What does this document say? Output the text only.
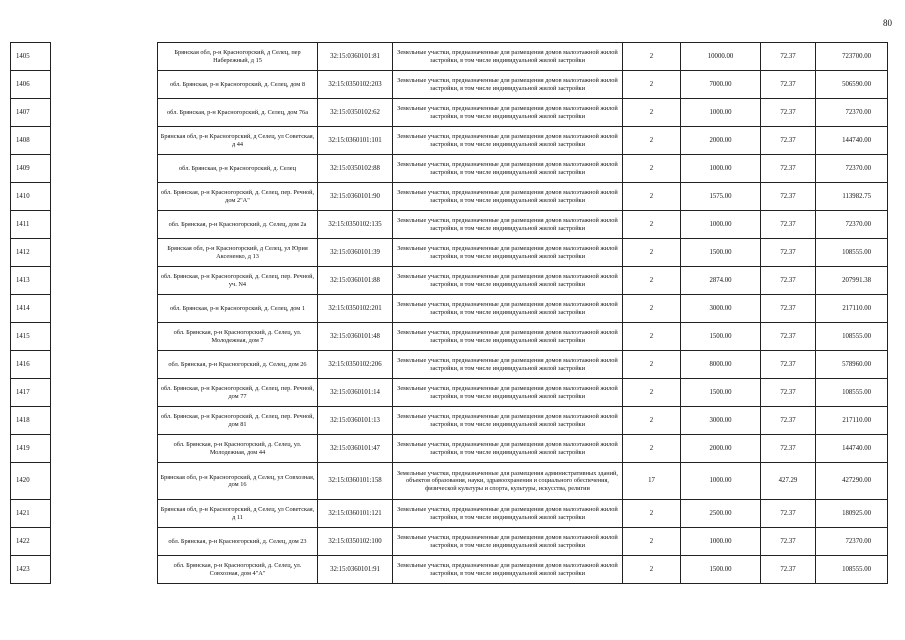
80
1405		Брянская обл, р-н Красногорский, д Селец, пер Набережный, д 15	32:15:0360101:81	Земельные участки, предназначенные для размещения домов малоэтажной жилой застройки, в том числе индивидуальной жилой застройки	2	10000.00	72.37	723700.00
1406		обл. Брянская, р-н Красногорский, д. Селец, дом 8	32:15:0350102:203	Земельные участки, предназначенные для размещения домов малоэтажной жилой застройки, в том числе индивидуальной жилой застройки	2	7000.00	72.37	506590.00
1407		обл. Брянская, р-н Красногорский, д. Селец, дом 76а	32:15:0350102:62	Земельные участки, предназначенные для размещения домов малоэтажной жилой застройки, в том числе индивидуальной жилой застройки	2	1000.00	72.37	72370.00
1408		Брянская обл, р-н Красногорский, д Селец, ул Советская, д 44	32:15:0360101:101	Земельные участки, предназначенные для размещения домов малоэтажной жилой застройки, в том числе индивидуальной жилой застройки	2	2000.00	72.37	144740.00
1409		обл. Брянская, р-н Красногорский, д. Селец	32:15:0350102:88	Земельные участки, предназначенные для размещения домов малоэтажной жилой застройки, в том числе индивидуальной жилой застройки	2	1000.00	72.37	72370.00
1410		обл. Брянская, р-н Красногорский, д. Селец, пер. Речной, дом 2"А"	32:15:0360101:90	Земельные участки, предназначенные для размещения домов малоэтажной жилой застройки, в том числе индивидуальной жилой застройки	2	1575.00	72.37	113982.75
1411		обл. Брянская, р-н Красногорский, д. Селец, дом 2а	32:15:0350102:135	Земельные участки, предназначенные для размещения домов малоэтажной жилой застройки, в том числе индивидуальной жилой застройки	2	1000.00	72.37	72370.00
1412		Брянская обл, р-н Красногорский, д Селец, ул Юрия Аксененко, д 13	32:15:0360101:39	Земельные участки, предназначенные для размещения домов малоэтажной жилой застройки, в том числе индивидуальной жилой застройки	2	1500.00	72.37	108555.00
1413		обл. Брянская, р-н Красногорский, д. Селец, пер. Речной, уч. N4	32:15:0360101:88	Земельные участки, предназначенные для размещения домов малоэтажной жилой застройки, в том числе индивидуальной жилой застройки	2	2874.00	72.37	207991.38
1414		обл. Брянская, р-н Красногорский, д. Селец, дом 1	32:15:0350102:201	Земельные участки, предназначенные для размещения домов малоэтажной жилой застройки, в том числе индивидуальной жилой застройки	2	3000.00	72.37	217110.00
1415		обл. Брянская, р-н Красногорский, д. Селец, ул. Молодежная, дом 7	32:15:0360101:48	Земельные участки, предназначенные для размещения домов малоэтажной жилой застройки, в том числе индивидуальной жилой застройки	2	1500.00	72.37	108555.00
1416		обл. Брянская, р-н Красногорский, д. Селец, дом 26	32:15:0350102:206	Земельные участки, предназначенные для размещения домов малоэтажной жилой застройки, в том числе индивидуальной жилой застройки	2	8000.00	72.37	578960.00
1417		обл. Брянская, р-н Красногорский, д. Селец, пер. Речной, дом 77	32:15:0360101:14	Земельные участки, предназначенные для размещения домов малоэтажной жилой застройки, в том числе индивидуальной жилой застройки	2	1500.00	72.37	108555.00
1418		обл. Брянская, р-н Красногорский, д. Селец, пер. Речной, дом 81	32:15:0360101:13	Земельные участки, предназначенные для размещения домов малоэтажной жилой застройки, в том числе индивидуальной жилой застройки	2	3000.00	72.37	217110.00
1419		обл. Брянская, р-н Красногорский, д. Селец, ул. Молодежная, дом 44	32:15:0360101:47	Земельные участки, предназначенные для размещения домов малоэтажной жилой застройки, в том числе индивидуальной жилой застройки	2	2000.00	72.37	144740.00
1420		Брянская обл, р-н Красногорский, д Селец, ул Совхозная, дом 16	32:15:0360101:158	Земельные участки, предназначенные для размещения административных зданий, объектов образования, науки, здравоохранения и социального обеспечения, физической культуры и спорта, культуры, искусства, религии	17	1000.00	427.29	427290.00
1421		Брянская обл, р-н Красногорский, д Селец, ул Советская, д 11	32:15:0360101:121	Земельные участки, предназначенные для размещения домов малоэтажной жилой застройки, в том числе индивидуальной жилой застройки	2	2500.00	72.37	180925.00
1422		обл. Брянская, р-н Красногорский, д. Селец, дом 23	32:15:0350102:100	Земельные участки, предназначенные для размещения домов малоэтажной жилой застройки, в том числе индивидуальной жилой застройки	2	1000.00	72.37	72370.00
1423		обл. Брянская, р-н Красногорский, д. Селец, ул. Совхозная, дом 4"А"	32:15:0360101:91	Земельные участки, предназначенные для размещения домов малоэтажной жилой застройки, в том числе индивидуальной жилой застройки	2	1500.00	72.37	108555.00
